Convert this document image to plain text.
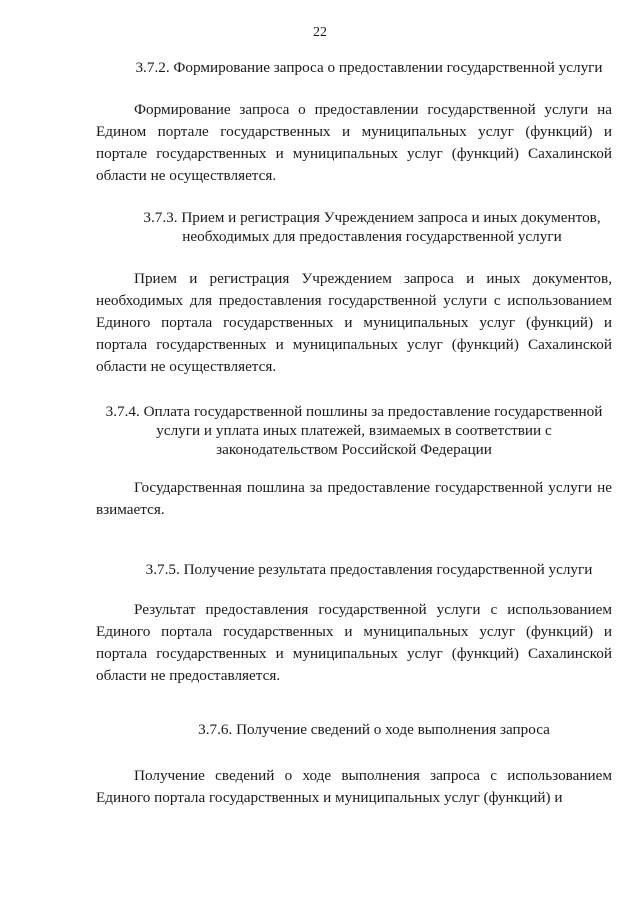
22

3.7.2. Формирование запроса о предоставлении государственной услуги

Формирование запроса о предоставлении государственной услуги на Едином портале государственных и муниципальных услуг (функций) и портале государственных и муниципальных услуг (функций) Сахалинской области не осуществляется.

3.7.3. Прием и регистрация Учреждением запроса и иных документов, необходимых для предоставления государственной услуги

Прием и регистрация Учреждением запроса и иных документов, необходимых для предоставления государственной услуги с использованием Единого портала государственных и муниципальных услуг (функций) и портала государственных и муниципальных услуг (функций) Сахалинской области не осуществляется.

3.7.4. Оплата государственной пошлины за предоставление государственной услуги и уплата иных платежей, взимаемых в соответствии с законодательством Российской Федерации

Государственная пошлина за предоставление государственной услуги не взимается.

3.7.5. Получение результата предоставления государственной услуги

Результат предоставления государственной услуги с использованием Единого портала государственных и муниципальных услуг (функций) и портала государственных и муниципальных услуг (функций) Сахалинской области не предоставляется.

3.7.6. Получение сведений о ходе выполнения запроса

Получение сведений о ходе выполнения запроса с использованием Единого портала государственных и муниципальных услуг (функций) и
